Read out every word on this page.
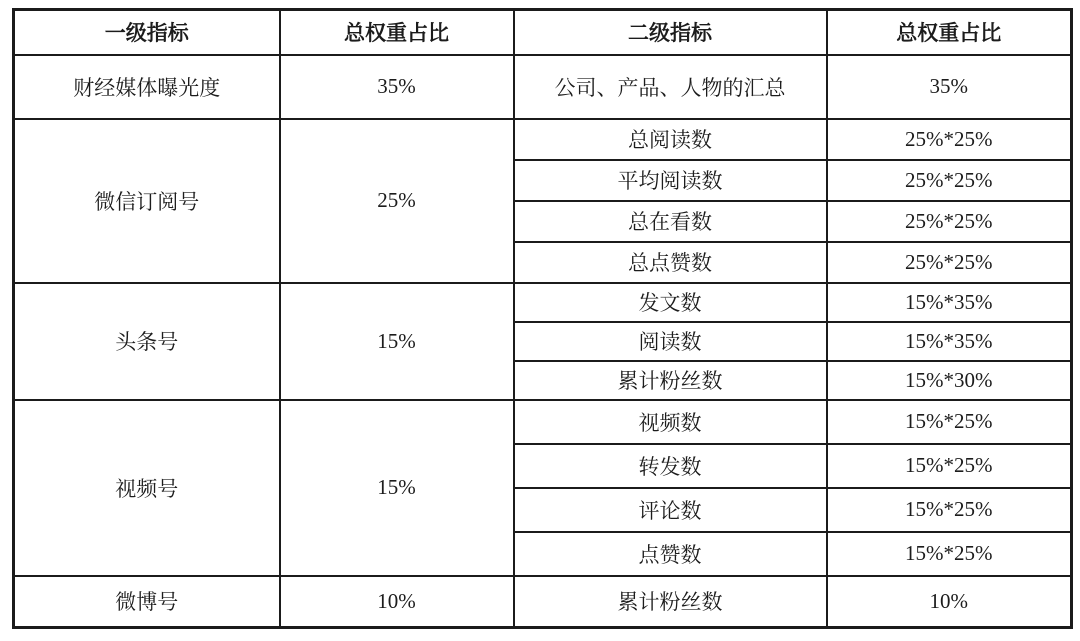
一级指标	总权重占比	二级指标	总权重占比
财经媒体曝光度	35%	公司、产品、人物的汇总	35%
微信订阅号	25%	总阅读数	25%*25%
		平均阅读数	25%*25%
		总在看数	25%*25%
		总点赞数	25%*25%
头条号	15%	发文数	15%*35%
		阅读数	15%*35%
		累计粉丝数	15%*30%
视频号	15%	视频数	15%*25%
		转发数	15%*25%
		评论数	15%*25%
		点赞数	15%*25%
微博号	10%	累计粉丝数	10%
